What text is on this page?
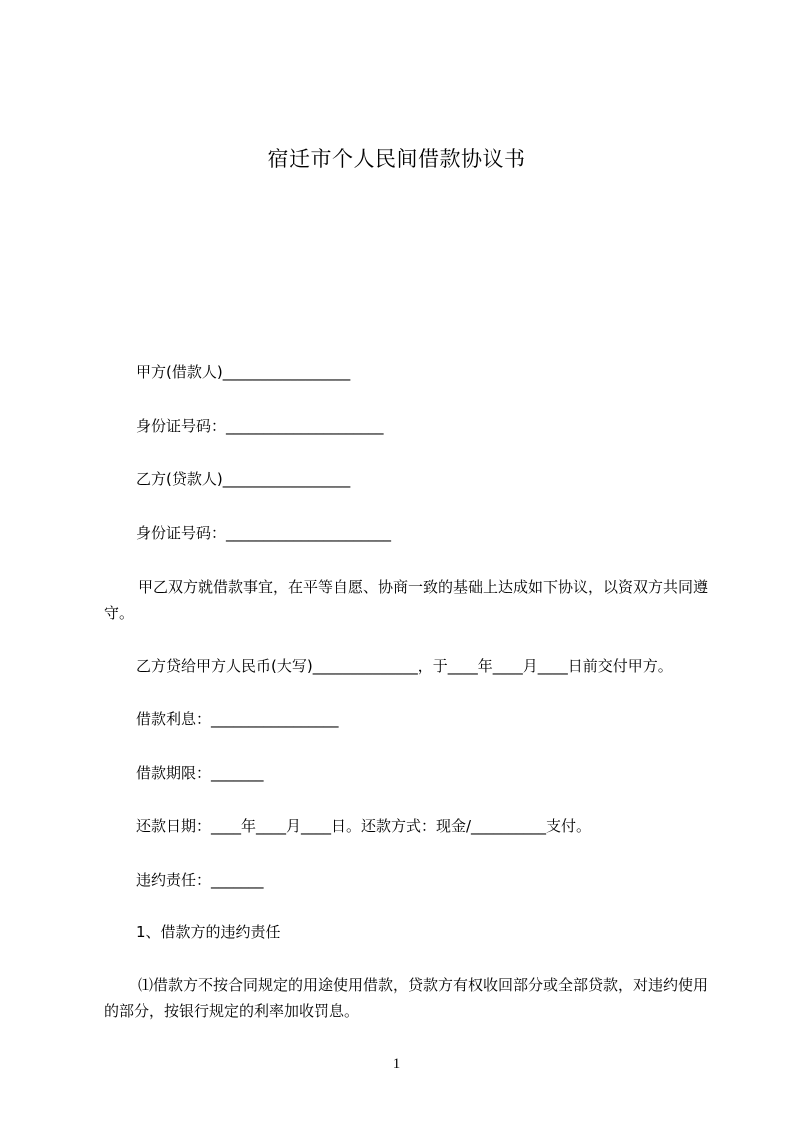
宿迁市个人民间借款协议书
甲方(借款人)_________________
身份证号码：_____________________
乙方(贷款人)_________________
身份证号码：______________________
甲乙双方就借款事宜，在平等自愿、协商一致的基础上达成如下协议，以资双方共同遵守。
乙方贷给甲方人民币(大写)______________，于____年____月____日前交付甲方。
借款利息：_________________
借款期限：_______
还款日期：____年____月____日。还款方式：现金/__________支付。
违约责任：_______
1、借款方的违约责任
⑴借款方不按合同规定的用途使用借款，贷款方有权收回部分或全部贷款，对违约使用的部分，按银行规定的利率加收罚息。
1
